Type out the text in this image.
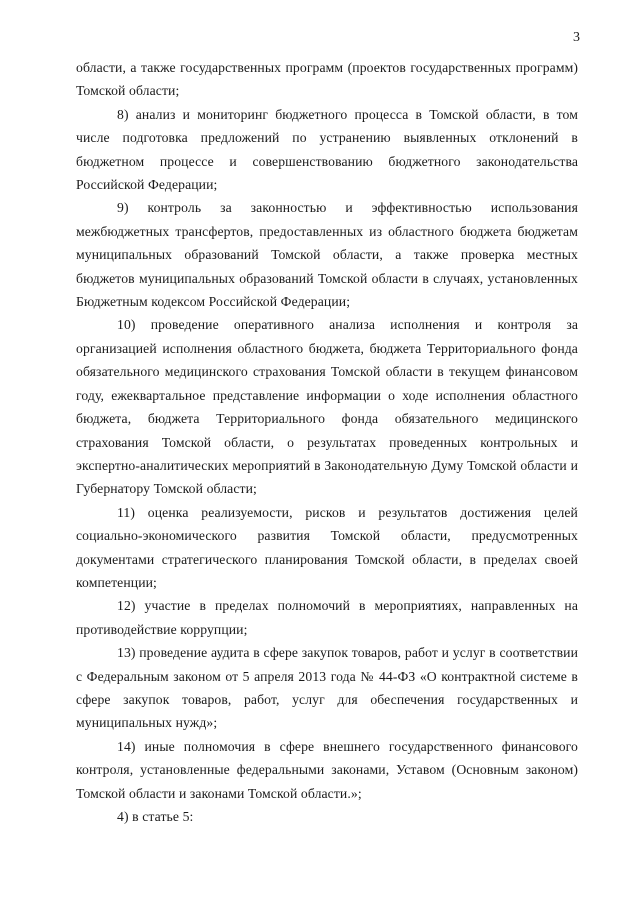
3

области, а также государственных программ (проектов государственных программ) Томской области;

8) анализ и мониторинг бюджетного процесса в Томской области, в том числе подготовка предложений по устранению выявленных отклонений в бюджетном процессе и совершенствованию бюджетного законодательства Российской Федерации;

9) контроль за законностью и эффективностью использования межбюджетных трансфертов, предоставленных из областного бюджета бюджетам муниципальных образований Томской области, а также проверка местных бюджетов муниципальных образований Томской области в случаях, установленных Бюджетным кодексом Российской Федерации;

10) проведение оперативного анализа исполнения и контроля за организацией исполнения областного бюджета, бюджета Территориального фонда обязательного медицинского страхования Томской области в текущем финансовом году, ежеквартальное представление информации о ходе исполнения областного бюджета, бюджета Территориального фонда обязательного медицинского страхования Томской области, о результатах проведенных контрольных и экспертно-аналитических мероприятий в Законодательную Думу Томской области и Губернатору Томской области;

11) оценка реализуемости, рисков и результатов достижения целей социально-экономического развития Томской области, предусмотренных документами стратегического планирования Томской области, в пределах своей компетенции;

12) участие в пределах полномочий в мероприятиях, направленных на противодействие коррупции;

13) проведение аудита в сфере закупок товаров, работ и услуг в соответствии с Федеральным законом от 5 апреля 2013 года № 44-ФЗ «О контрактной системе в сфере закупок товаров, работ, услуг для обеспечения государственных и муниципальных нужд»;

14) иные полномочия в сфере внешнего государственного финансового контроля, установленные федеральными законами, Уставом (Основным законом) Томской области и законами Томской области.»;

4) в статье 5:
